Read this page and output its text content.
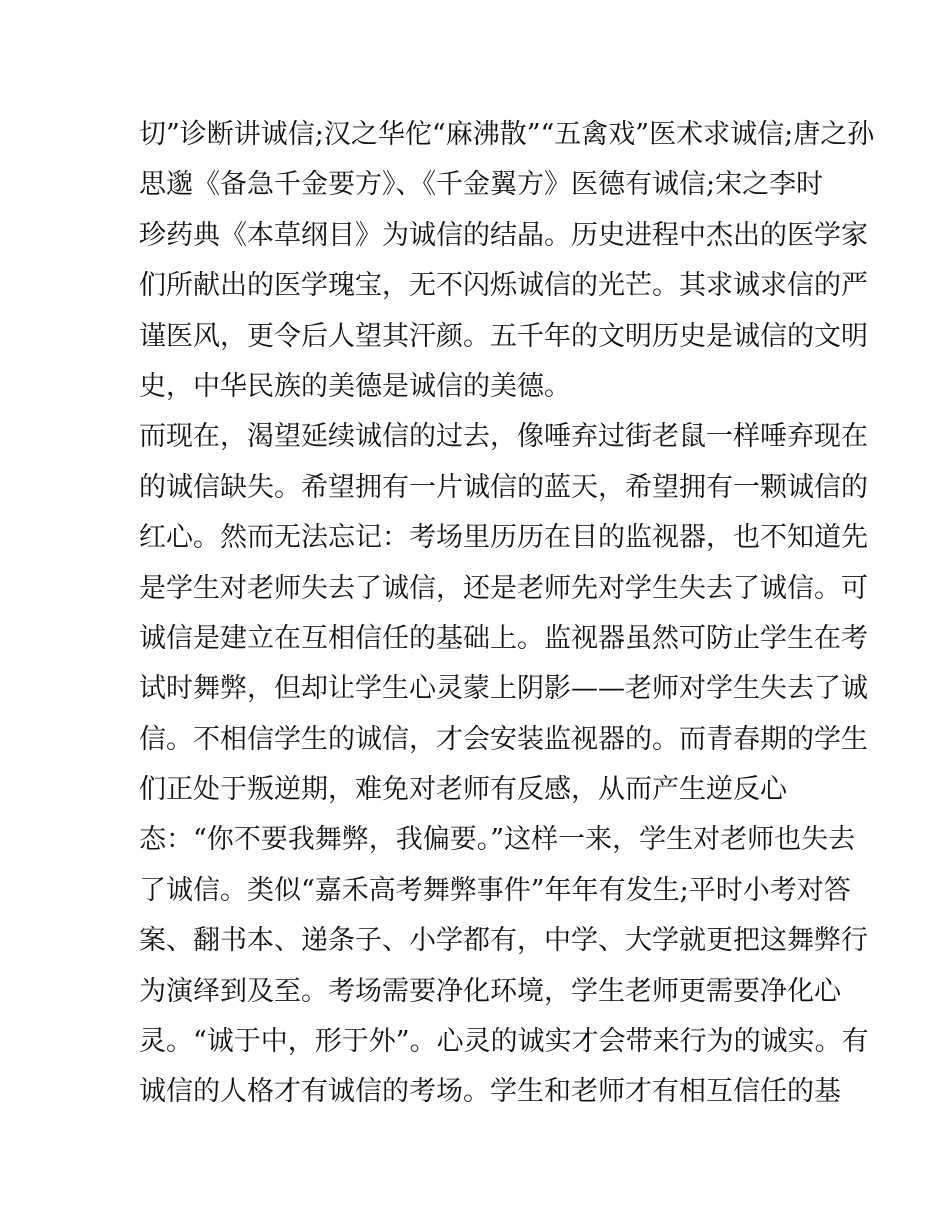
切”诊断讲诚信;汉之华佗“麻沸散”“五禽戏”医术求诚信;唐之孙
思邈《备急千金要方》、《千金翼方》医德有诚信;宋之李时
珍药典《本草纲目》为诚信的结晶。历史进程中杰出的医学家
们所献出的医学瑰宝，无不闪烁诚信的光芒。其求诚求信的严
谨医风，更令后人望其汗颜。五千年的文明历史是诚信的文明
史，中华民族的美德是诚信的美德。
而现在，渴望延续诚信的过去，像唾弃过街老鼠一样唾弃现在
的诚信缺失。希望拥有一片诚信的蓝天，希望拥有一颗诚信的
红心。然而无法忘记：考场里历历在目的监视器，也不知道先
是学生对老师失去了诚信，还是老师先对学生失去了诚信。可
诚信是建立在互相信任的基础上。监视器虽然可防止学生在考
试时舞弊，但却让学生心灵蒙上阴影——老师对学生失去了诚
信。不相信学生的诚信，才会安装监视器的。而青春期的学生
们正处于叛逆期，难免对老师有反感，从而产生逆反心
态：“你不要我舞弊，我偏要。”这样一来，学生对老师也失去
了诚信。类似“嘉禾高考舞弊事件”年年有发生;平时小考对答
案、翻书本、递条子、小学都有，中学、大学就更把这舞弊行
为演绎到及至。考场需要净化环境，学生老师更需要净化心
灵。“诚于中，形于外”。心灵的诚实才会带来行为的诚实。有
诚信的人格才有诚信的考场。学生和老师才有相互信任的基
